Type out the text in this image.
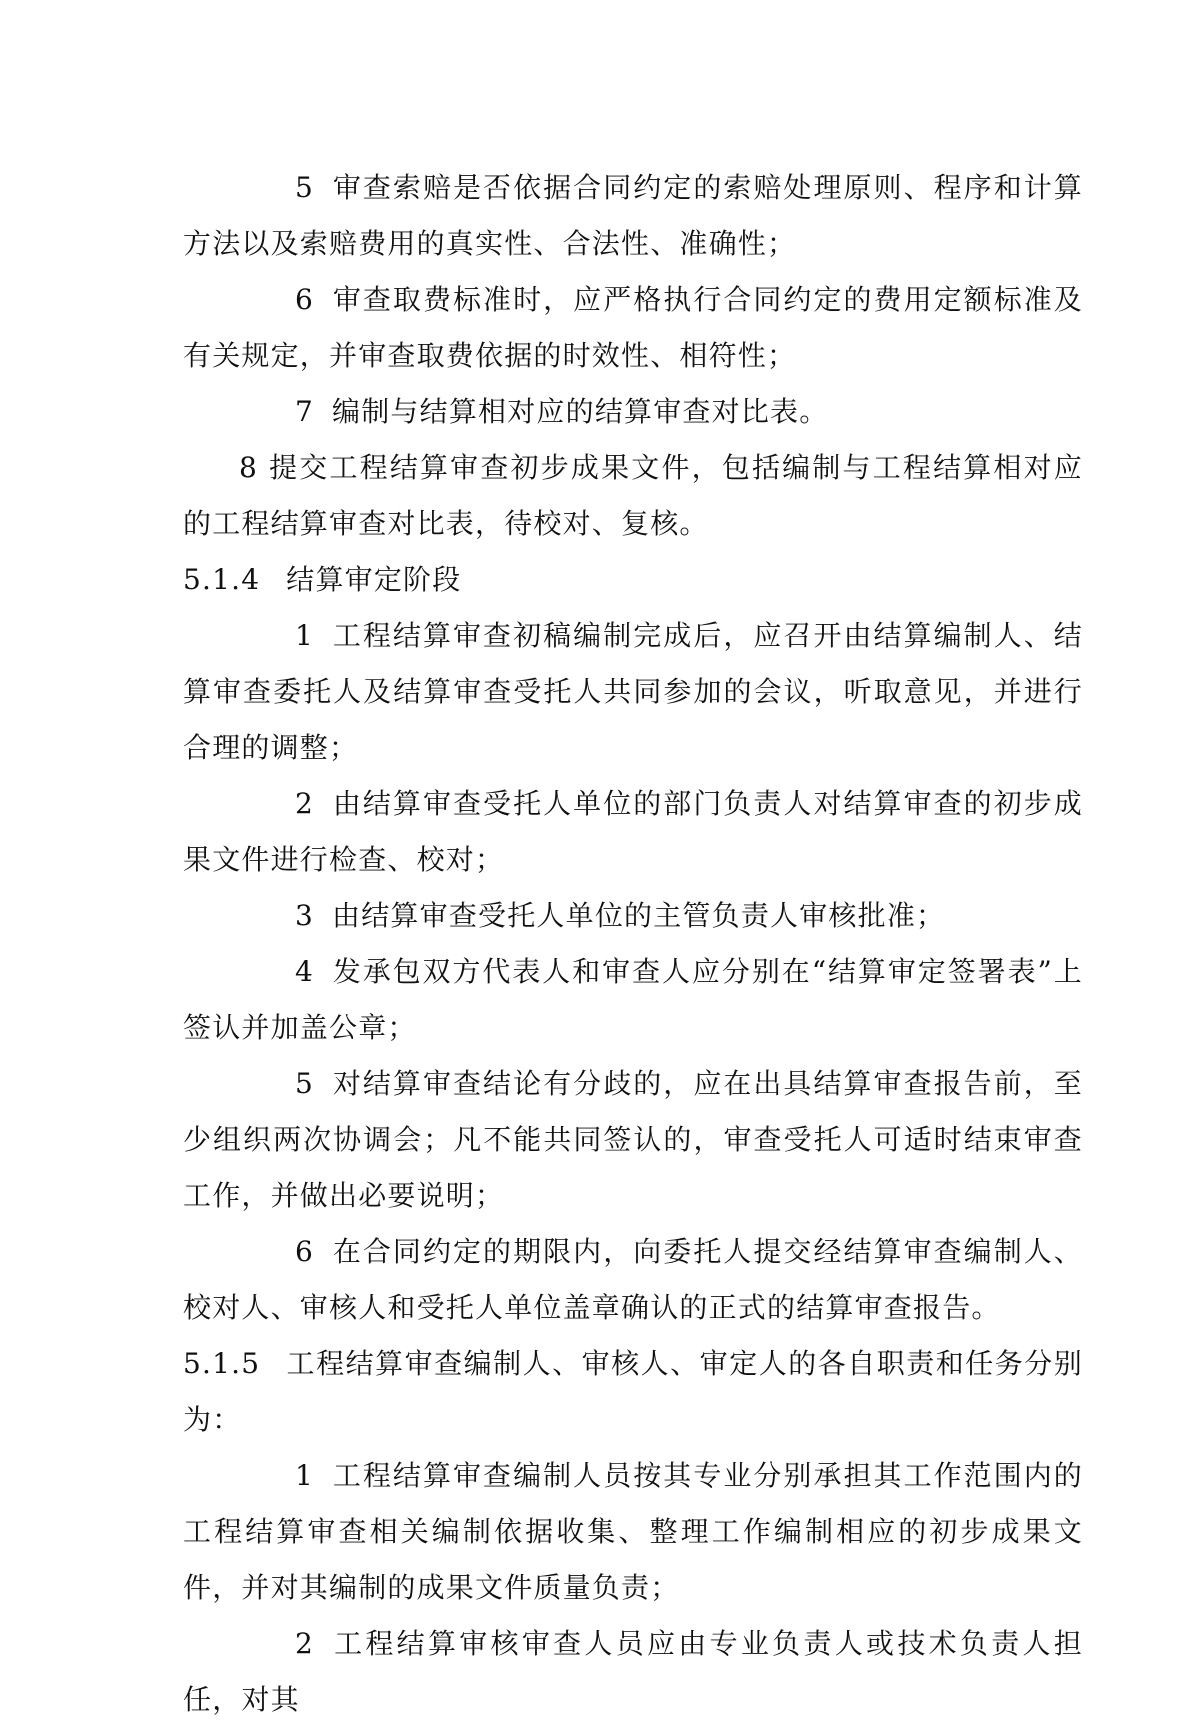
5 审查索赔是否依据合同约定的索赔处理原则、程序和计算方法以及索赔费用的真实性、合法性、准确性；

6 审查取费标准时，应严格执行合同约定的费用定额标准及有关规定，并审查取费依据的时效性、相符性；

7 编制与结算相对应的结算审查对比表。

8 提交工程结算审查初步成果文件，包括编制与工程结算相对应的工程结算审查对比表，待校对、复核。

5.1.4 结算审定阶段

1 工程结算审查初稿编制完成后，应召开由结算编制人、结算审查委托人及结算审查受托人共同参加的会议，听取意见，并进行合理的调整；

2 由结算审查受托人单位的部门负责人对结算审查的初步成果文件进行检查、校对；

3 由结算审查受托人单位的主管负责人审核批准；

4 发承包双方代表人和审查人应分别在“结算审定签署表”上签认并加盖公章；

5 对结算审查结论有分歧的，应在出具结算审查报告前，至少组织两次协调会；凡不能共同签认的，审查受托人可适时结束审查工作，并做出必要说明；

6 在合同约定的期限内，向委托人提交经结算审查编制人、校对人、审核人和受托人单位盖章确认的正式的结算审查报告。

5.1.5 工程结算审查编制人、审核人、审定人的各自职责和任务分别为：

1 工程结算审查编制人员按其专业分别承担其工作范围内的工程结算审查相关编制依据收集、整理工作编制相应的初步成果文件，并对其编制的成果文件质量负责；

2 工程结算审核审查人员应由专业负责人或技术负责人担任，对其
